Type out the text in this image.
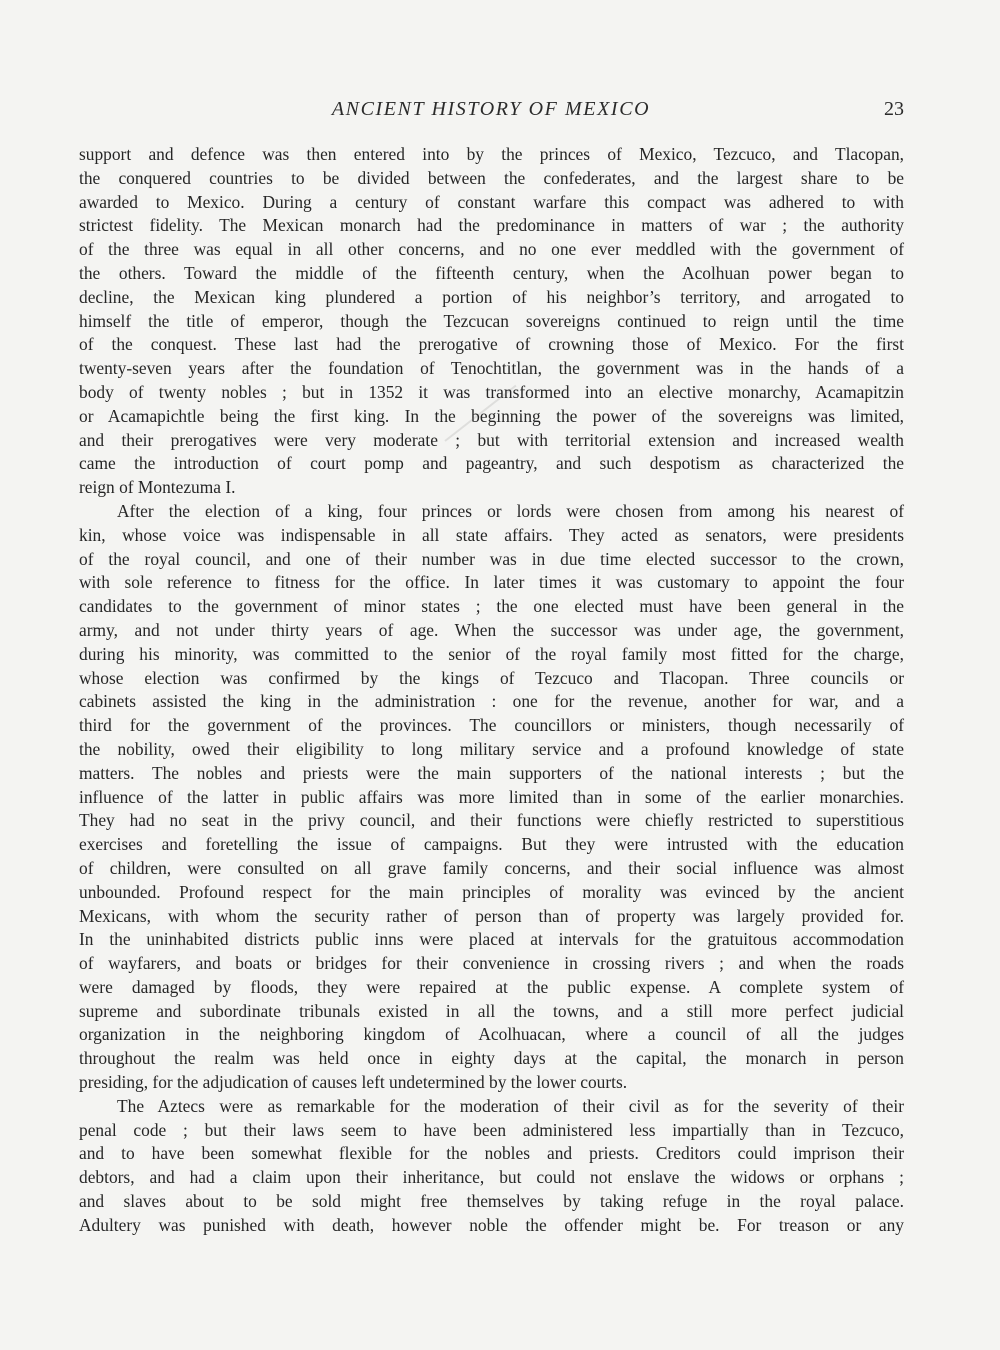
ANCIENT HISTORY OF MEXICO	23

support and defence was then entered into by the princes of Mexico, Tezcuco, and Tlacopan,
the conquered countries to be divided between the confederates, and the largest share to be
awarded to Mexico. During a century of constant warfare this compact was adhered to with
strictest fidelity. The Mexican monarch had the predominance in matters of war ; the authority
of the three was equal in all other concerns, and no one ever meddled with the government of
the others. Toward the middle of the fifteenth century, when the Acolhuan power began to
decline, the Mexican king plundered a portion of his neighbor’s territory, and arrogated to
himself the title of emperor, though the Tezcucan sovereigns continued to reign until the time
of the conquest. These last had the prerogative of crowning those of Mexico. For the first
twenty-seven years after the foundation of Tenochtitlan, the government was in the hands of a
body of twenty nobles ; but in 1352 it was transformed into an elective monarchy, Acamapitzin
or Acamapichtle being the first king. In the beginning the power of the sovereigns was limited,
and their prerogatives were very moderate ; but with territorial extension and increased wealth
came the introduction of court pomp and pageantry, and such despotism as characterized the
reign of Montezuma I.

After the election of a king, four princes or lords were chosen from among his nearest of
kin, whose voice was indispensable in all state affairs. They acted as senators, were presidents
of the royal council, and one of their number was in due time elected successor to the crown,
with sole reference to fitness for the office. In later times it was customary to appoint the four
candidates to the government of minor states ; the one elected must have been general in the
army, and not under thirty years of age. When the successor was under age, the government,
during his minority, was committed to the senior of the royal family most fitted for the charge,
whose election was confirmed by the kings of Tezcuco and Tlacopan. Three councils or
cabinets assisted the king in the administration : one for the revenue, another for war, and a
third for the government of the provinces. The councillors or ministers, though necessarily of
the nobility, owed their eligibility to long military service and a profound knowledge of state
matters. The nobles and priests were the main supporters of the national interests ; but the
influence of the latter in public affairs was more limited than in some of the earlier monarchies.
They had no seat in the privy council, and their functions were chiefly restricted to superstitious
exercises and foretelling the issue of campaigns. But they were intrusted with the education
of children, were consulted on all grave family concerns, and their social influence was almost
unbounded. Profound respect for the main principles of morality was evinced by the ancient
Mexicans, with whom the security rather of person than of property was largely provided for.
In the uninhabited districts public inns were placed at intervals for the gratuitous accommodation
of wayfarers, and boats or bridges for their convenience in crossing rivers ; and when the roads
were damaged by floods, they were repaired at the public expense. A complete system of
supreme and subordinate tribunals existed in all the towns, and a still more perfect judicial
organization in the neighboring kingdom of Acolhuacan, where a council of all the judges
throughout the realm was held once in eighty days at the capital, the monarch in person
presiding, for the adjudication of causes left undetermined by the lower courts.

The Aztecs were as remarkable for the moderation of their civil as for the severity of their
penal code ; but their laws seem to have been administered less impartially than in Tezcuco,
and to have been somewhat flexible for the nobles and priests. Creditors could imprison their
debtors, and had a claim upon their inheritance, but could not enslave the widows or orphans ;
and slaves about to be sold might free themselves by taking refuge in the royal palace.
Adultery was punished with death, however noble the offender might be. For treason or any
